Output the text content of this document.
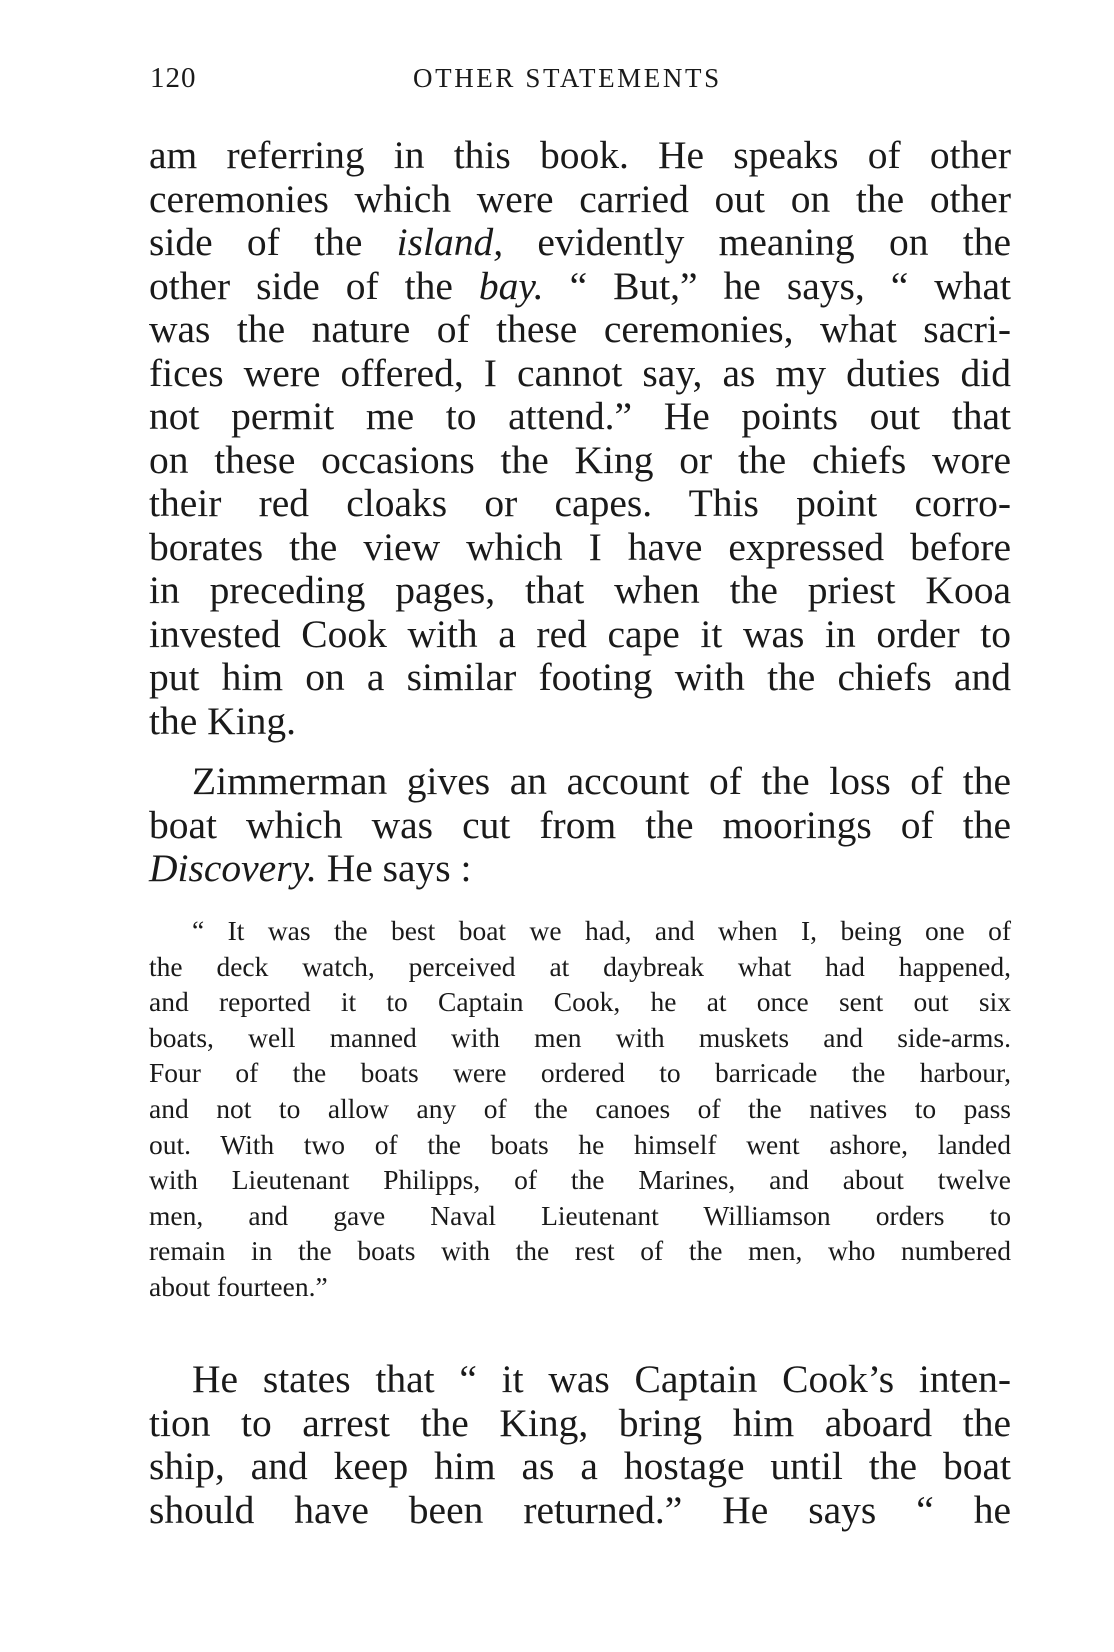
120	OTHER STATEMENTS
am referring in this book. He speaks of other
ceremonies which were carried out on the other
side of the island, evidently meaning on the
other side of the bay. “ But,” he says, “ what
was the nature of these ceremonies, what sacri-
fices were offered, I cannot say, as my duties did
not permit me to attend.” He points out that
on these occasions the King or the chiefs wore
their red cloaks or capes. This point corro-
borates the view which I have expressed before
in preceding pages, that when the priest Kooa
invested Cook with a red cape it was in order to
put him on a similar footing with the chiefs and
the King.
Zimmerman gives an account of the loss of the
boat which was cut from the moorings of the
Discovery. He says :
“ It was the best boat we had, and when I, being one of
the deck watch, perceived at daybreak what had happened,
and reported it to Captain Cook, he at once sent out six
boats, well manned with men with muskets and side-arms.
Four of the boats were ordered to barricade the harbour,
and not to allow any of the canoes of the natives to pass
out. With two of the boats he himself went ashore, landed
with Lieutenant Philipps, of the Marines, and about twelve
men, and gave Naval Lieutenant Williamson orders to
remain in the boats with the rest of the men, who numbered
about fourteen.”
He states that “ it was Captain Cook’s inten-
tion to arrest the King, bring him aboard the
ship, and keep him as a hostage until the boat
should have been returned.” He says “ he
